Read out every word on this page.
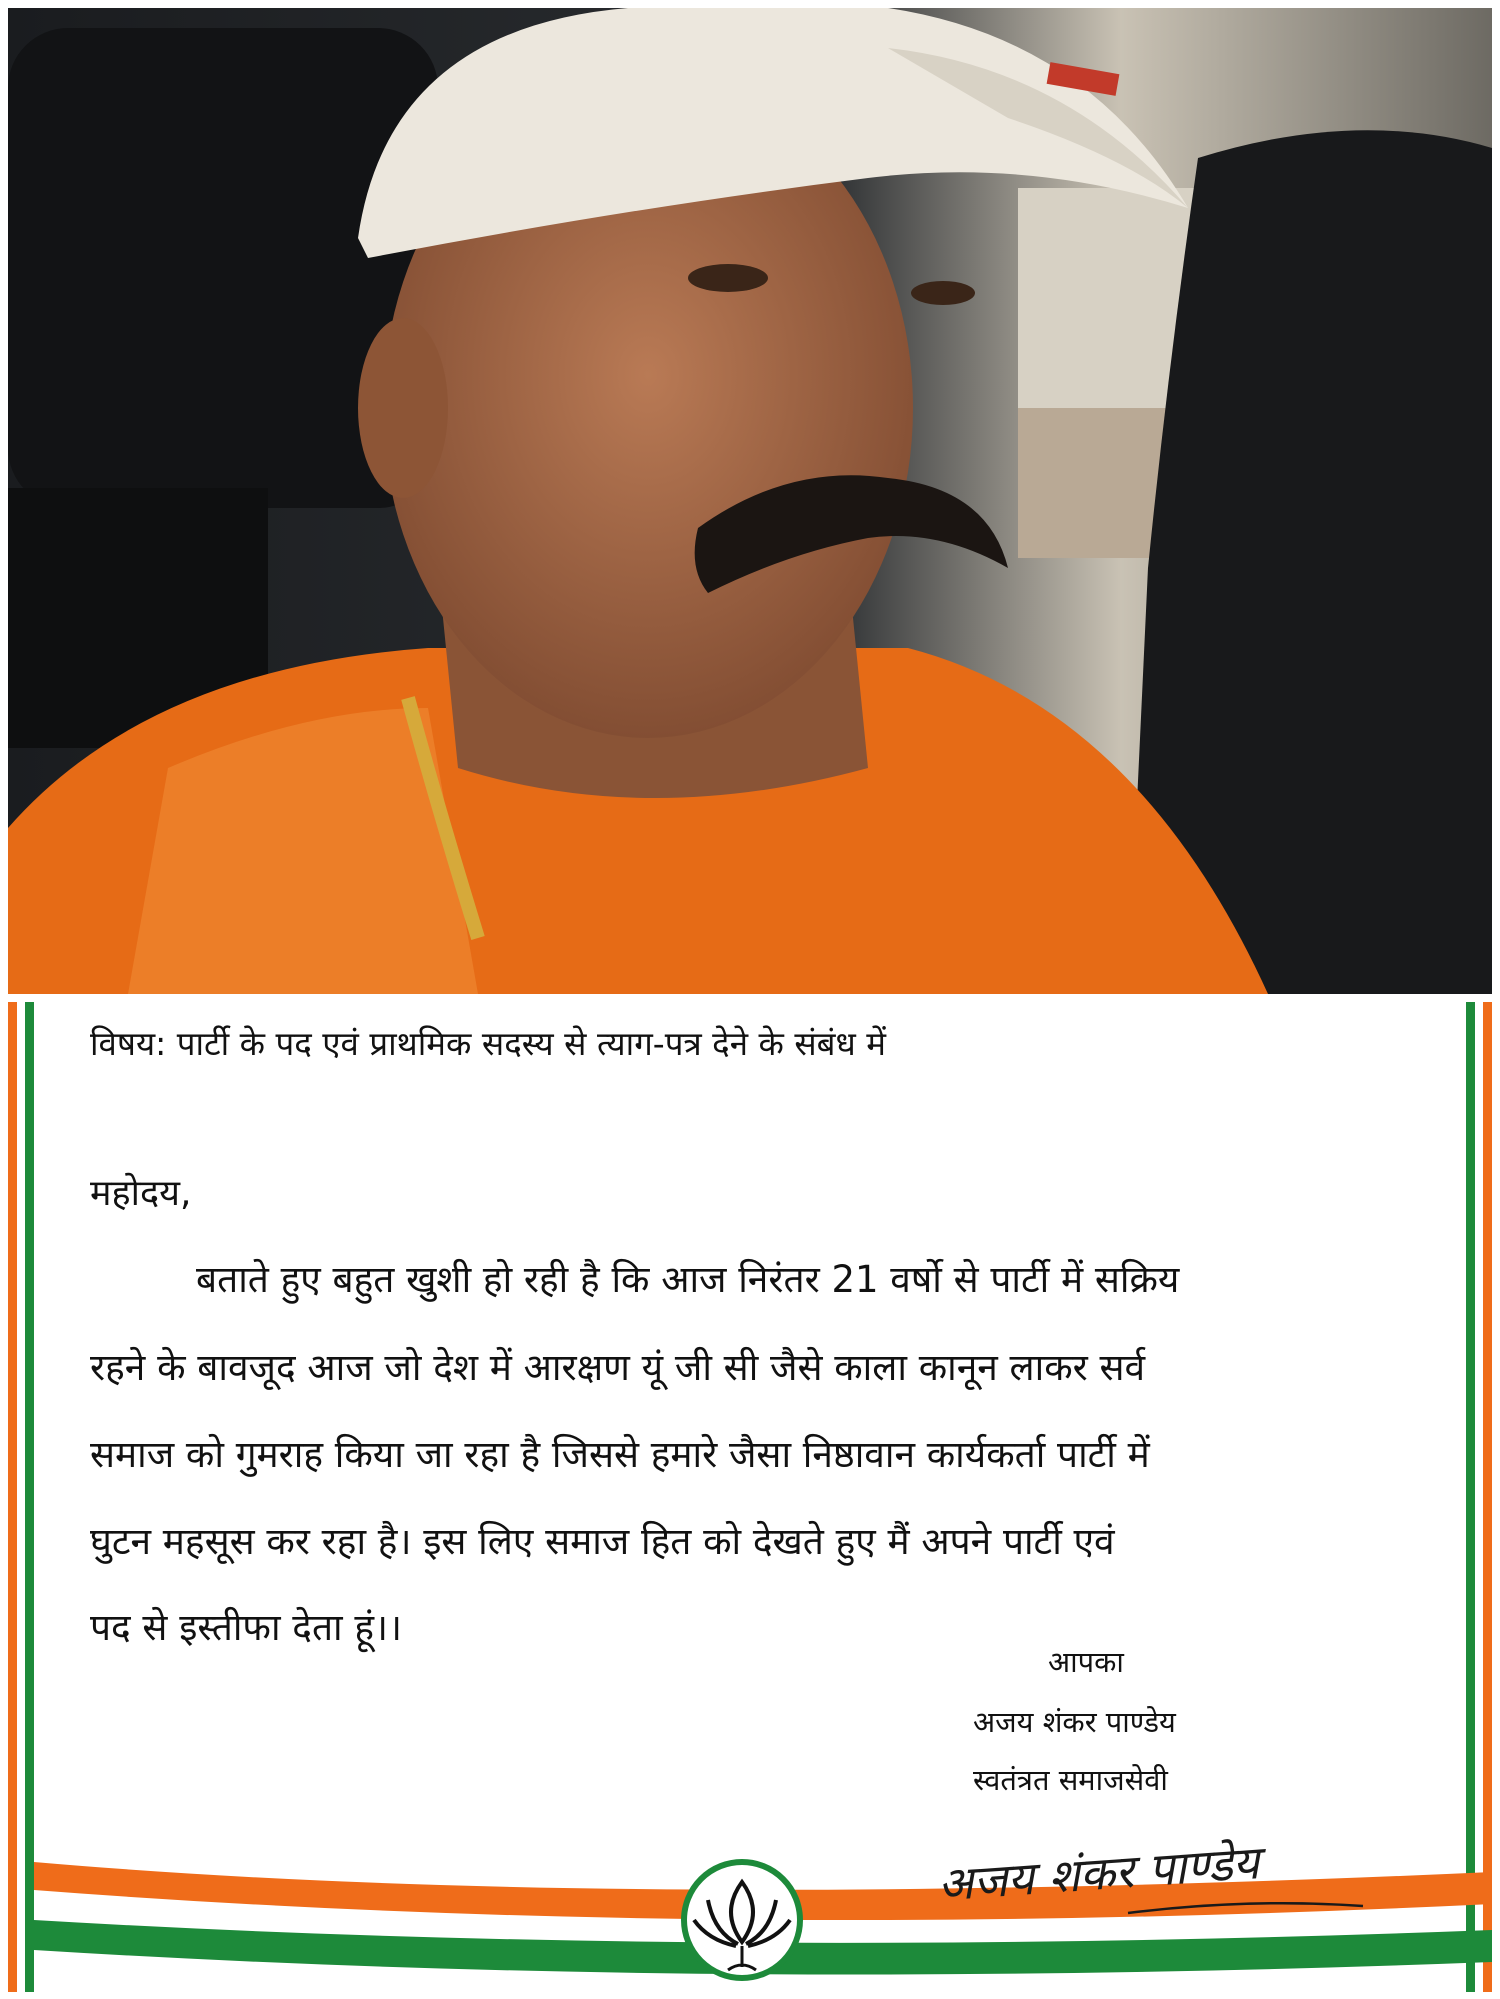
विषय: पार्टी के पद एवं प्राथमिक सदस्य से त्याग-पत्र देने के संबंध में
महोदय,
बताते हुए बहुत खुशी हो रही है कि आज निरंतर 21 वर्षो से पार्टी में सक्रिय
रहने के बावजूद आज जो देश में आरक्षण यूं जी सी जैसे काला कानून लाकर सर्व
समाज को गुमराह किया जा रहा है जिससे हमारे जैसा निष्ठावान कार्यकर्ता पार्टी में
घुटन महसूस कर रहा है। इस लिए समाज हित को देखते हुए मैं अपने पार्टी एवं
पद से इस्तीफा देता हूं।।
आपका
अजय शंकर पाण्डेय
स्वतंत्रत समाजसेवी
अजय शंकर पाण्डेय
